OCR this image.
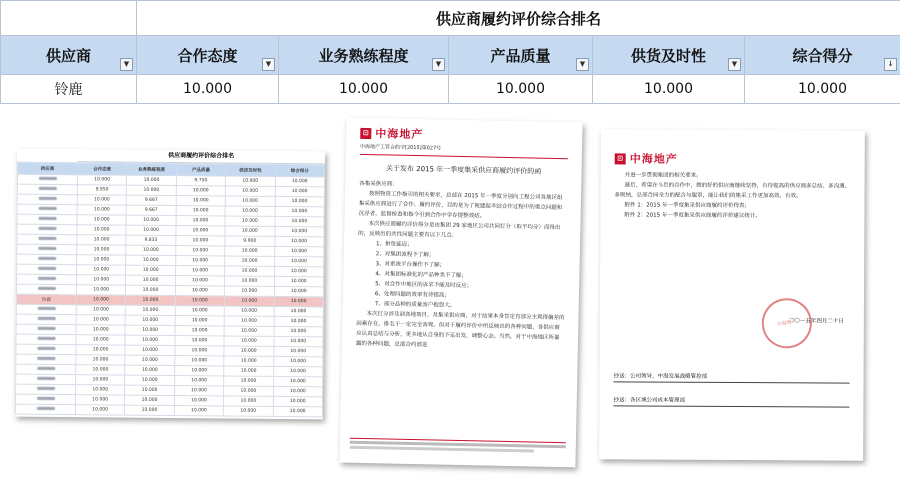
	供应商履约评价综合排名				
供应商 ▼	合作态度 ▼	业务熟练程度 ▼	产品质量 ▼	供货及时性 ▼	综合得分 ↓

铃鹿	10.000	10.000	10.000	10.000	10.000
供应商履约评价综合排名
供应商	合作态度	业务熟练程度	产品质量	供货及时性	综合得分
	10.000	10.000	9.750	10.000	10.000
	9.950	10.000	10.000	10.000	10.000
	10.000	9.667	10.000	10.000	10.000
	10.000	9.667	10.000	10.000	10.000
	10.000	10.000	10.000	10.000	10.000
	10.000	10.000	10.000	10.000	10.000
	10.000	9.833	10.000	9.900	10.000
	10.000	10.000	10.000	10.000	10.000
	10.000	10.000	10.000	10.000	10.000
	10.000	10.000	10.000	10.000	10.000
	10.000	10.000	10.000	10.000	10.000
	10.000	10.000	10.000	10.000	10.000
铃鹿	10.000	10.000	10.000	10.000	10.000
	10.000	10.000	10.000	10.000	10.000
	10.000	10.000	10.000	10.000	10.000
	10.000	10.000	10.000	10.000	10.000
	10.000	10.000	10.000	10.000	10.000
	10.000	10.000	10.000	10.000	10.000
	10.000	10.000	10.000	10.000	10.000
	10.000	10.000	10.000	10.000	10.000
	10.000	10.000	10.000	10.000	10.000
	10.000	10.000	10.000	10.000	10.000
	10.000	10.000	10.000	10.000	10.000
	10.000	10.000	10.000	10.000	10.000
⊡ 中海地产
中海地产工管合约字[2015]第027号
关于发布 2015 年一季度集采供应商履约评价的函
各集采供应商：

按照物资工作指引的相关要求，总部在 2015 年一季度分别向工程公司各地区组集采供应商进行了合作、履约评价，目的是为了视建起多结合作过程中的重点问题和沉浮者，监督检查和指令引到合作中学存提整效结。

本次供应商履约评价得分是由集团 29 家地区公司共同打分（取平均分）而得出的，反映出的共性问题主要有以下几点：

1、供货延迟；

2、对集团流程不了解；

3、对系统平台操作不了解；

4、对集团标准化的产品种类不了解；

5、对合作中地区的诉求不能及时反应；

6、处理问题的效率有待提高；

7、部分品种的质量客户抱怨大。

本次打分涉及到各地项目，及集采供应商，对于结果本身肯定有部分主观得偏差的因素存在，排名于一定完全客观。但对于履约评价中所反映出的各种问题，各供应商应认真总结与分析，更多地从自身的不足出发，调整心态。当然，对于中海地区所暴露的各种问题，总部合约部进

⊡ 中海地产

并进一步贯彻集团的相关要求。

最后，希望在今后的合作中，做的好的供应商继续坚持，有待提高的供应商多总结、多沟通、多吸纳，总部合同全力的配合与服罩，能让我们的集采工作更加高效、有效。

附件 1：2015 年一季度集采供应商履约评价得表；

附件 2：2015 年一季度集采供应商履约评价建议统计。

中海地产
二〇一五年四月二十日
抄送：公司领导，中海发展战略管控部
抄送：各区域公司成本管理部
